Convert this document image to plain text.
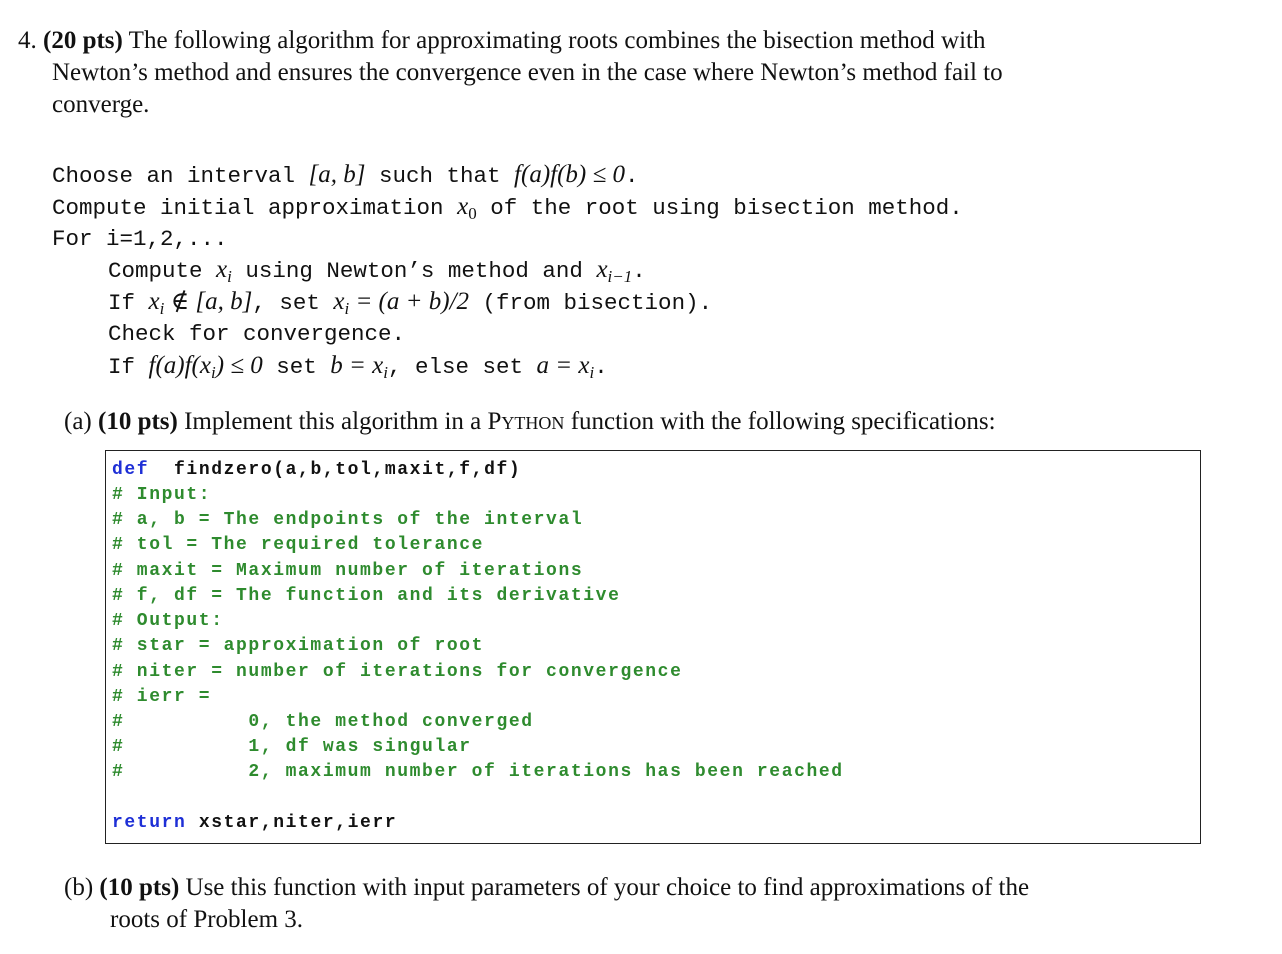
4. (20 pts) The following algorithm for approximating roots combines the bisection method with
Newton’s method and ensures the convergence even in the case where Newton’s method fail to
converge.
Choose an interval [a, b] such that f(a)f(b) ≤ 0.
Compute initial approximation $x_0$ of the root using bisection method.
For i=1,2,...
Compute $x_i$ using Newton’s method and $x_{i-1}$.
If $x_i$ ∉ [a, b], set $x_i = (a + b)/2$ (from bisection).
Check for convergence.
If $f(a)f(x_i) \le 0$ set $b = x_i$, else set $a = x_i$.
(a) (10 pts) Implement this algorithm in a Python function with the following specifications:
def  findzero(a,b,tol,maxit,f,df)
# Input:
# a, b = The endpoints of the interval
# tol = The required tolerance
# maxit = Maximum number of iterations
# f, df = The function and its derivative
# Output:
# star = approximation of root
# niter = number of iterations for convergence
# ierr =
#          0, the method converged
#          1, df was singular
#          2, maximum number of iterations has been reached
return xstar,niter,ierr
(b) (10 pts) Use this function with input parameters of your choice to find approximations of the
roots of Problem 3.
